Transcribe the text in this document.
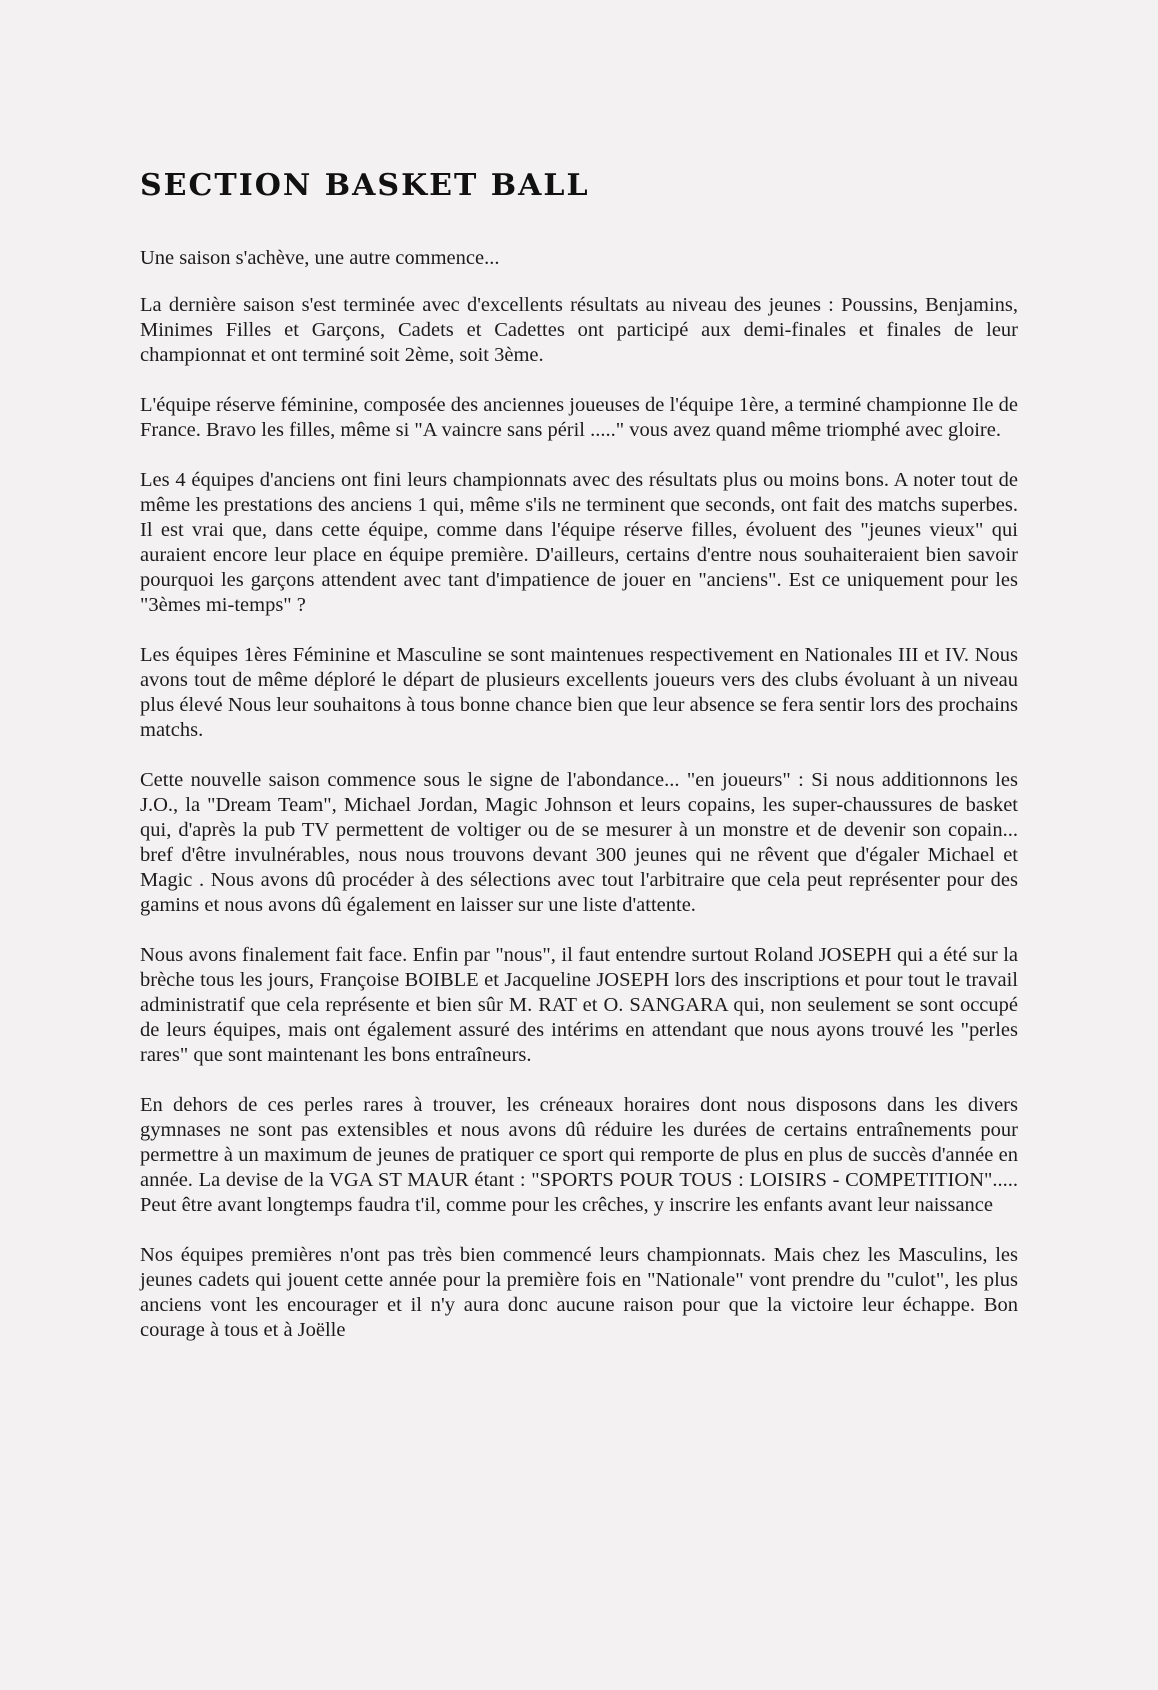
SECTION BASKET BALL

Une saison s'achève, une autre commence...

La dernière saison s'est terminée avec d'excellents résultats au niveau des jeunes : Poussins, Benjamins, Minimes Filles et Garçons, Cadets et Cadettes ont participé aux demi-finales et finales de leur championnat et ont terminé soit 2ème, soit 3ème.

L'équipe réserve féminine, composée des anciennes joueuses de l'équipe 1ère, a terminé championne Ile de France. Bravo les filles, même si "A vaincre sans péril ....." vous avez quand même triomphé avec gloire.

Les 4 équipes d'anciens ont fini leurs championnats avec des résultats plus ou moins bons. A noter tout de même les prestations des anciens 1 qui, même s'ils ne terminent que seconds, ont fait des matchs superbes. Il est vrai que, dans cette équipe, comme dans l'équipe réserve filles, évoluent des "jeunes vieux" qui auraient encore leur place en équipe première. D'ailleurs, certains d'entre nous souhaiteraient bien savoir pourquoi les garçons attendent avec tant d'impatience de jouer en "anciens". Est ce uniquement pour les "3èmes mi-temps" ?

Les équipes 1ères Féminine et Masculine se sont maintenues respectivement en Nationales III et IV. Nous avons tout de même déploré le départ de plusieurs excellents joueurs vers des clubs évoluant à un niveau plus élevé Nous leur souhaitons à tous bonne chance bien que leur absence se fera sentir lors des prochains matchs.

Cette nouvelle saison commence sous le signe de l'abondance... "en joueurs" : Si nous additionnons les J.O., la "Dream Team", Michael Jordan, Magic Johnson et leurs copains, les super-chaussures de basket qui, d'après la pub TV permettent de voltiger ou de se mesurer à un monstre et de devenir son copain... bref d'être invulnérables, nous nous trouvons devant 300 jeunes qui ne rêvent que d'égaler Michael et Magic . Nous avons dû procéder à des sélections avec tout l'arbitraire que cela peut représenter pour des gamins et nous avons dû également en laisser sur une liste d'attente.

Nous avons finalement fait face. Enfin par "nous", il faut entendre surtout Roland JOSEPH qui a été sur la brèche tous les jours, Françoise BOIBLE et Jacqueline JOSEPH lors des inscriptions et pour tout le travail administratif que cela représente et bien sûr M. RAT et O. SANGARA qui, non seulement se sont occupé de leurs équipes, mais ont également assuré des intérims en attendant que nous ayons trouvé les "perles rares" que sont maintenant les bons entraîneurs.

En dehors de ces perles rares à trouver, les créneaux horaires dont nous disposons dans les divers gymnases ne sont pas extensibles et nous avons dû réduire les durées de certains entraînements pour permettre à un maximum de jeunes de pratiquer ce sport qui remporte de plus en plus de succès d'année en année. La devise de la VGA ST MAUR étant : "SPORTS POUR TOUS : LOISIRS - COMPETITION"..... Peut être avant longtemps faudra t'il, comme pour les crêches, y inscrire les enfants avant leur naissance

Nos équipes premières n'ont pas très bien commencé leurs championnats. Mais chez les Masculins, les jeunes cadets qui jouent cette année pour la première fois en "Nationale" vont prendre du "culot", les plus anciens vont les encourager et il n'y aura donc aucune raison pour que la victoire leur échappe. Bon courage à tous et à Joëlle
